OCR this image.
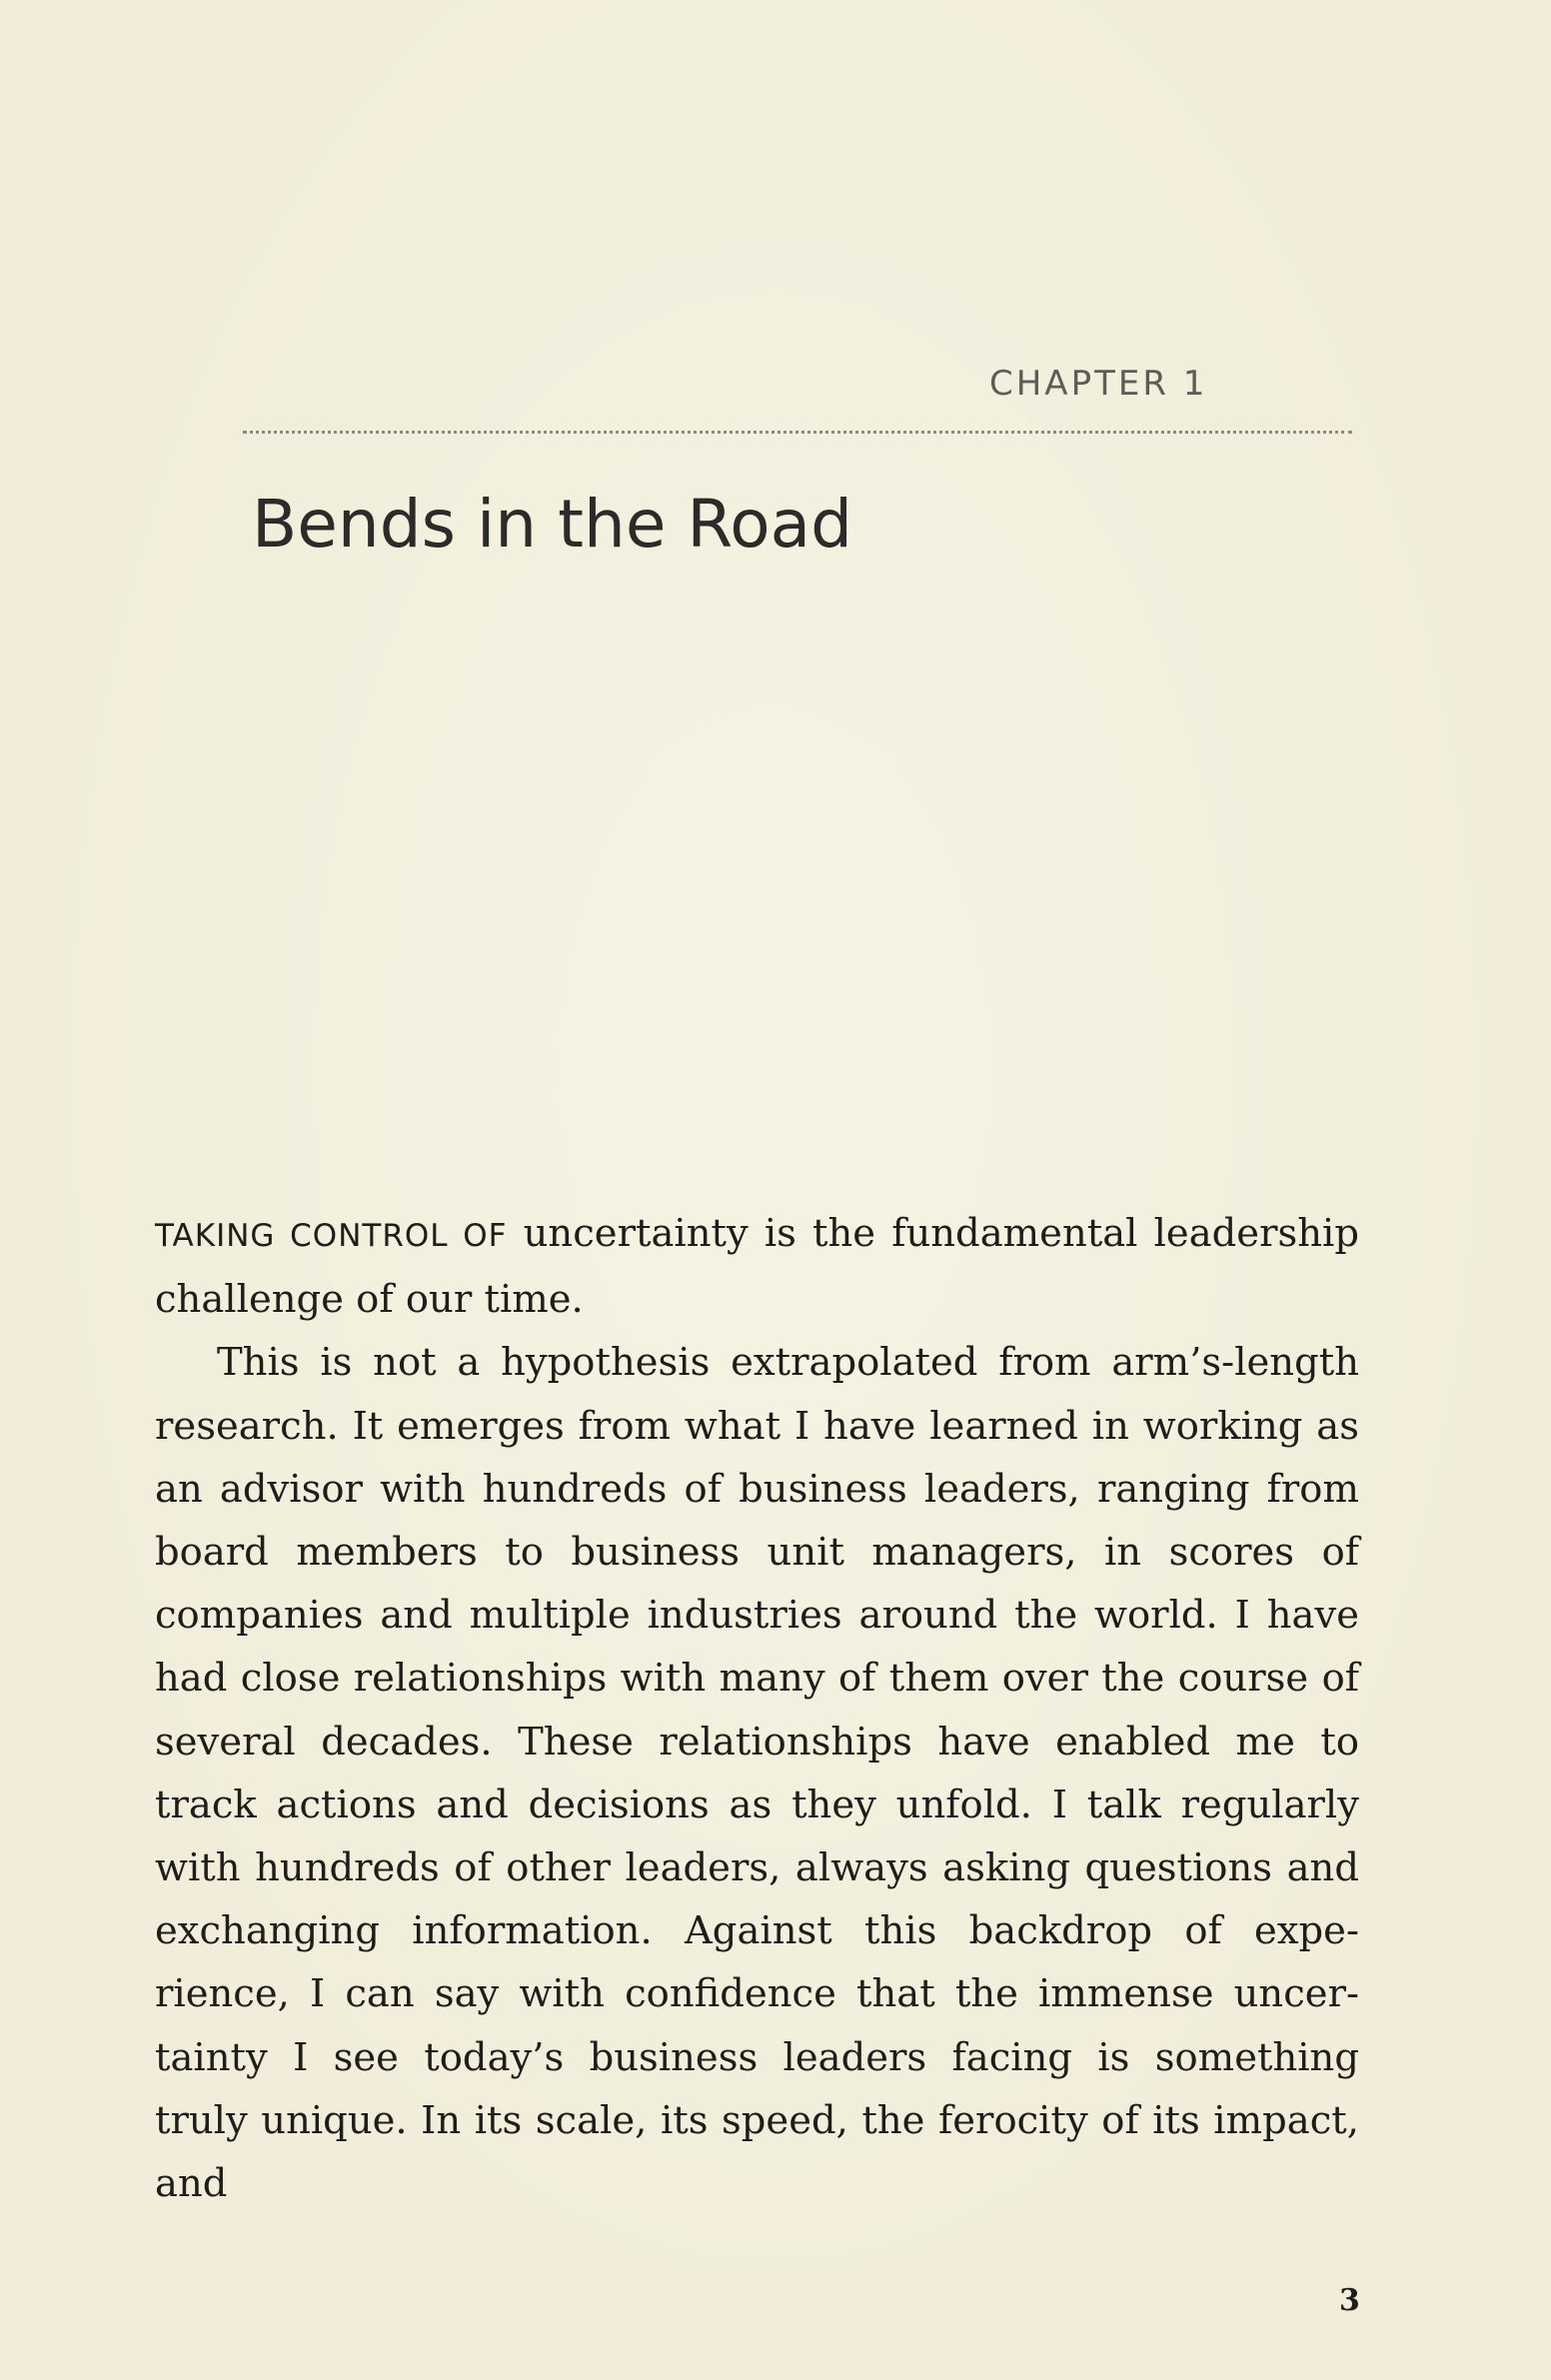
CHAPTER 1
Bends in the Road

TAKING CONTROL OF uncertainty is the fundamental leadership challenge of our time.

This is not a hypothesis extrapolated from arm’s-length research. It emerges from what I have learned in working as an advisor with hundreds of business leaders, ranging from board members to business unit managers, in scores of companies and multiple industries around the world. I have had close relationships with many of them over the course of several decades. These relationships have enabled me to track actions and decisions as they unfold. I talk regularly with hundreds of other leaders, always asking questions and exchanging information. Against this backdrop of experience, I can say with confidence that the immense uncertainty I see today’s business leaders facing is something truly unique. In its scale, its speed, the ferocity of its impact, and

3
